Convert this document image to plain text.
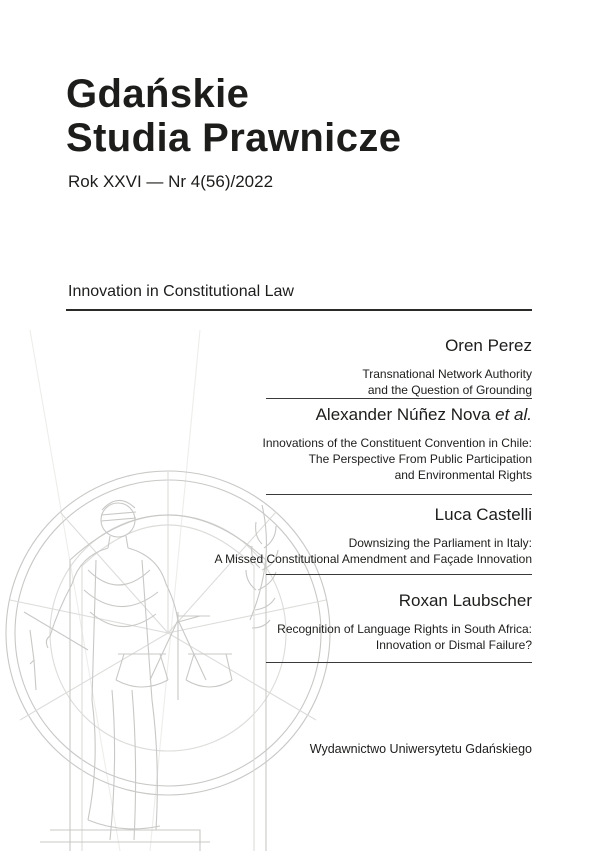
Gdańskie
Studia Prawnicze
Rok XXVI — Nr 4(56)/2022
Innovation in Constitutional Law
Oren Perez
Transnational Network Authority
and the Question of Grounding
Alexander Núñez Nova et al.
Innovations of the Constituent Convention in Chile:
The Perspective From Public Participation
and Environmental Rights
Luca Castelli
Downsizing the Parliament in Italy:
A Missed Constitutional Amendment and Façade Innovation
Roxan Laubscher
Recognition of Language Rights in South Africa:
Innovation or Dismal Failure?
Wydawnictwo Uniwersytetu Gdańskiego
